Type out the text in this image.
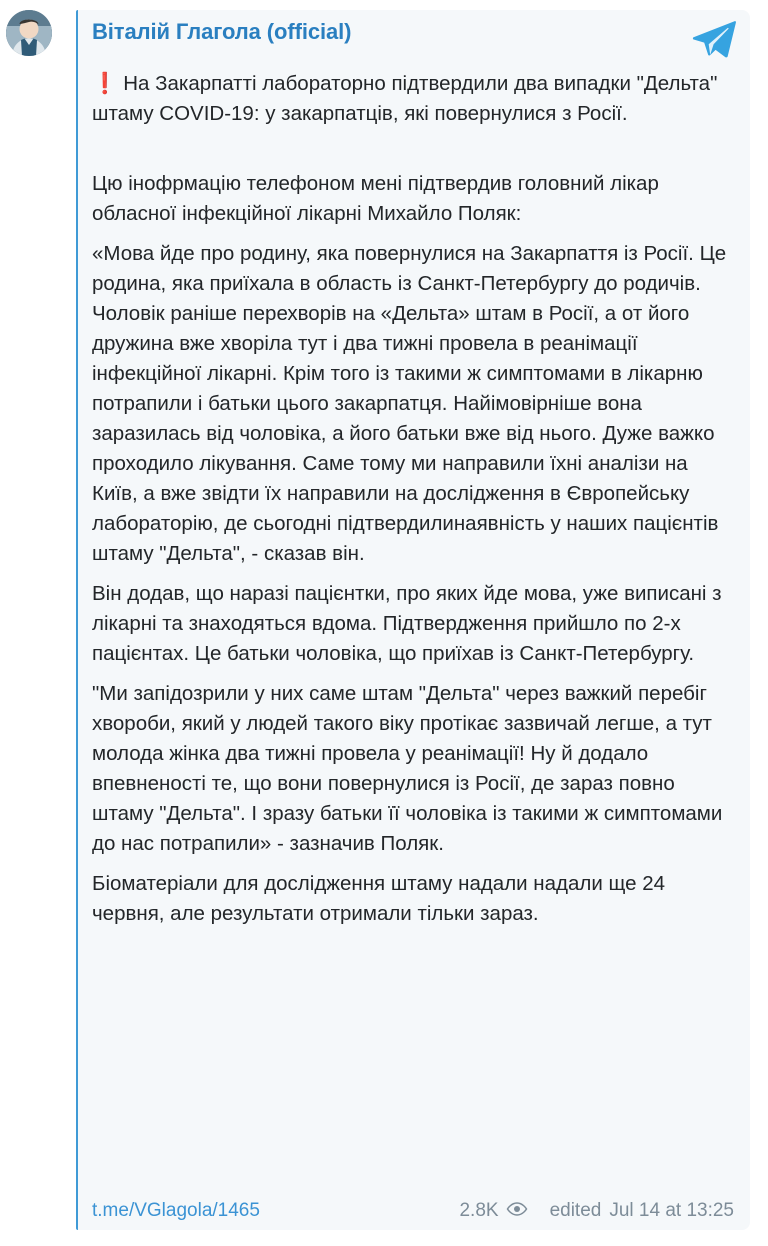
Віталій Глагола (official)
❗️ На Закарпатті лабораторно підтвердили два випадки "Дельта" штаму COVID-19: у закарпатців, які повернулися з Росії.
Цю інофрмацію телефоном мені підтвердив головний лікар обласної інфекційної лікарні Михайло Поляк:
«Мова йде про родину, яка повернулися на Закарпаття із Росії. Це родина, яка приїхала в область із Санкт-Петербургу до родичів. Чоловік раніше перехворів на «Дельта» штам в Росії, а от його дружина вже хворіла тут і два тижні провела в реанімації інфекційної лікарні. Крім того із такими ж симптомами в лікарню потрапили і батьки цього закарпатця. Найімовірніше вона заразилась від чоловіка, а його батьки вже від нього. Дуже важко проходило лікування. Саме тому ми направили їхні аналізи на Київ, а вже звідти їх направили на дослідження в Європейську лабораторію, де сьогодні підтвердилинаявність у наших пацієнтів штаму "Дельта", - сказав він.
Він додав, що наразі пацієнтки, про яких йде мова, уже виписані з лікарні та знаходяться вдома. Підтвердження прийшло по 2-х пацієнтах. Це батьки чоловіка, що приїхав із Санкт-Петербургу.
"Ми запідозрили у них саме штам "Дельта" через важкий перебіг хвороби, який у людей такого віку протікає зазвичай легше, а тут молода жінка два тижні провела у реанімації! Ну й додало впевненості те, що вони повернулися із Росії, де зараз повно штаму "Дельта". І зразу батьки її чоловіка із такими ж симптомами до нас потрапили» - зазначив Поляк.
Біоматеріали для дослідження штаму надали надали ще 24 червня, але результати отримали тільки зараз.
t.me/VGlagola/1465	2.8K	edited Jul 14 at 13:25
